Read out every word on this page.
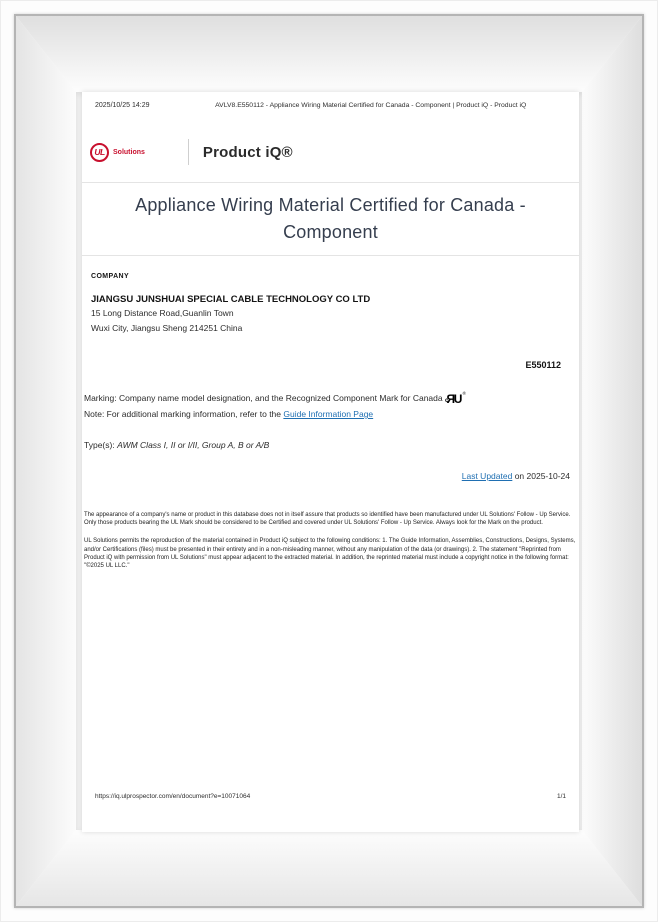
2025/10/25 14:29	AVLV8.E550112 - Appliance Wiring Material Certified for Canada - Component | Product iQ - Product iQ
UL	Solutions	Product iQ®
Appliance Wiring Material Certified for Canada - Component
COMPANY
JIANGSU JUNSHUAI SPECIAL CABLE TECHNOLOGY CO LTD
15 Long Distance Road,Guanlin Town
Wuxi City, Jiangsu Sheng 214251 China
E550112
Marking: Company name model designation, and the Recognized Component Mark for Canada cUR®
Note: For additional marking information, refer to the Guide Information Page
Type(s): AWM Class I, II or I/II, Group A, B or A/B
Last Updated on 2025-10-24
The appearance of a company's name or product in this database does not in itself assure that products so identified have been manufactured under UL Solutions' Follow - Up Service. Only those products bearing the UL Mark should be considered to be Certified and covered under UL Solutions' Follow - Up Service. Always look for the Mark on the product.
UL Solutions permits the reproduction of the material contained in Product iQ subject to the following conditions: 1. The Guide Information, Assemblies, Constructions, Designs, Systems, and/or Certifications (files) must be presented in their entirety and in a non-misleading manner, without any manipulation of the data (or drawings). 2. The statement "Reprinted from Product iQ with permission from UL Solutions" must appear adjacent to the extracted material. In addition, the reprinted material must include a copyright notice in the following format: "©2025 UL LLC."
https://iq.ulprospector.com/en/document?e=10071064	1/1
